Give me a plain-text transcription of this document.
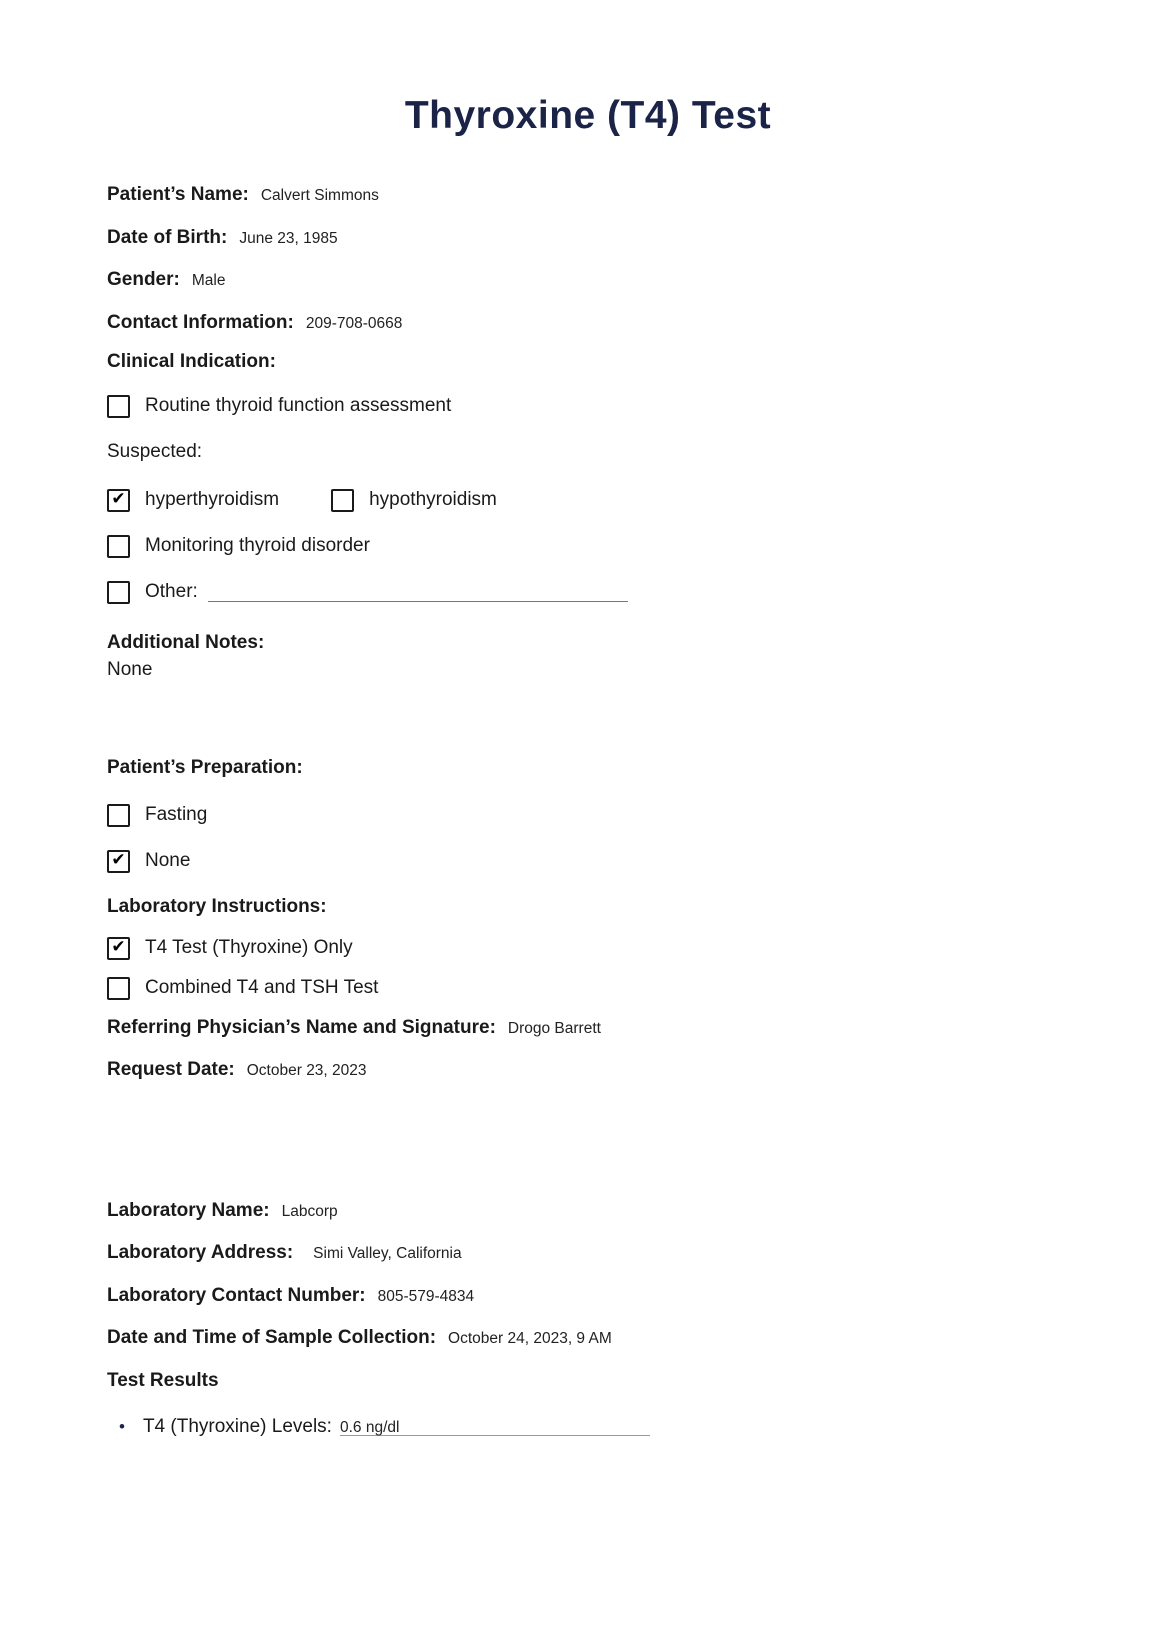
Thyroxine (T4) Test
Patient’s Name: Calvert Simmons
Date of Birth: June 23, 1985
Gender: Male
Contact Information: 209-708-0668
Clinical Indication:
Routine thyroid function assessment
Suspected:
✔ hyperthyroidism	hypothyroidism
Monitoring thyroid disorder
Other:
Additional Notes:

None

Patient’s Preparation:
Fasting
✔ None
Laboratory Instructions:
✔ T4 Test (Thyroxine) Only
Combined T4 and TSH Test
Referring Physician’s Name and Signature: Drogo Barrett
Request Date: October 23, 2023
Laboratory Name: Labcorp
Laboratory Address: Simi Valley, California
Laboratory Contact Number: 805-579-4834
Date and Time of Sample Collection: October 24, 2023, 9 AM
Test Results
• T4 (Thyroxine) Levels: 0.6 ng/dl
